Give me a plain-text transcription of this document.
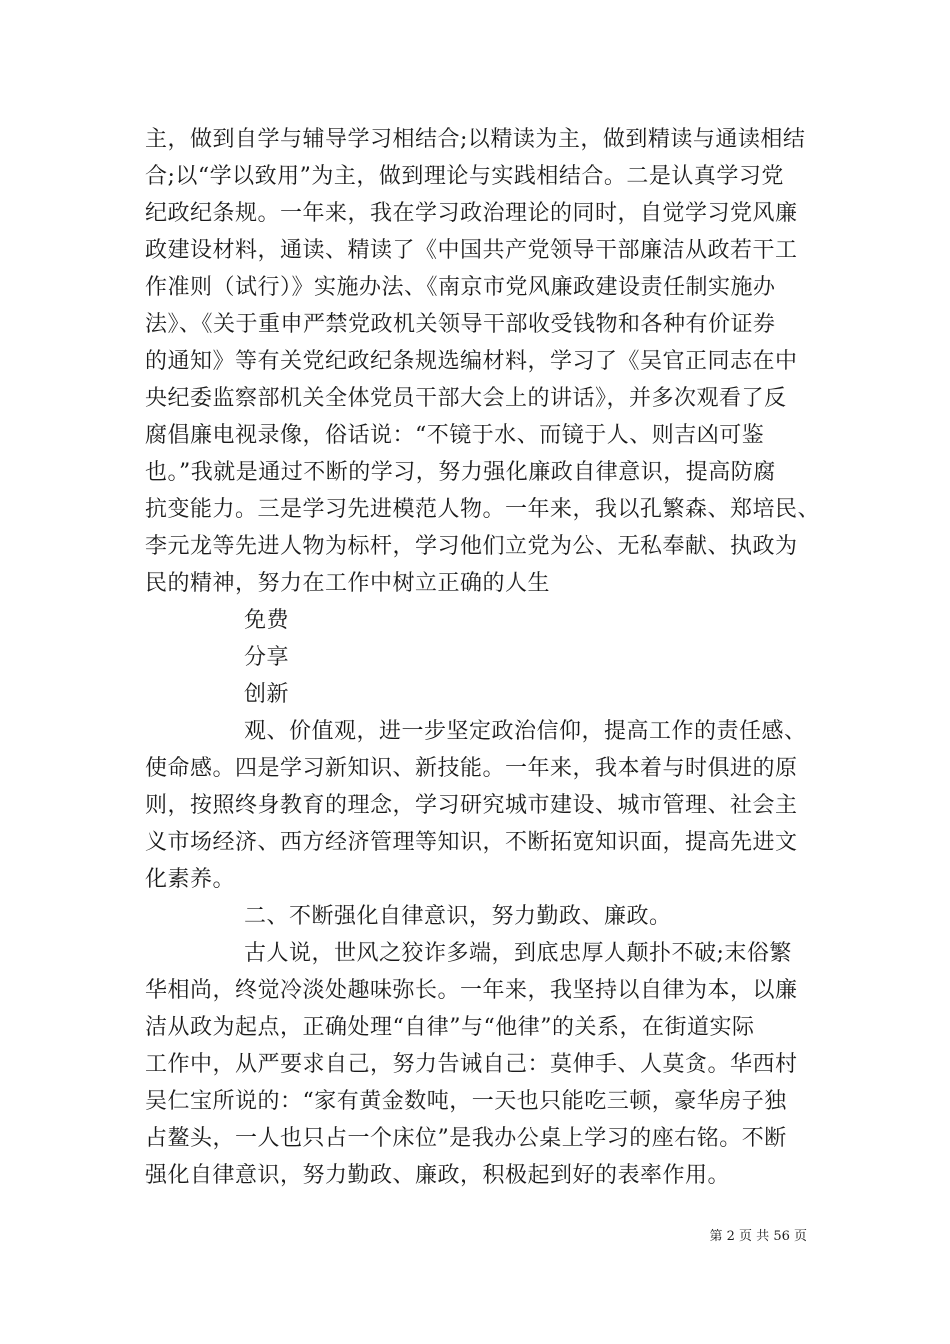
主，做到自学与辅导学习相结合;以精读为主，做到精读与通读相结
合;以“学以致用”为主，做到理论与实践相结合。二是认真学习党
纪政纪条规。一年来，我在学习政治理论的同时，自觉学习党风廉
政建设材料，通读、精读了《中国共产党领导干部廉洁从政若干工
作准则（试行）》实施办法、《南京市党风廉政建设责任制实施办
法》、《关于重申严禁党政机关领导干部收受钱物和各种有价证券
的通知》等有关党纪政纪条规选编材料，学习了《吴官正同志在中
央纪委监察部机关全体党员干部大会上的讲话》，并多次观看了反
腐倡廉电视录像，俗话说：“不镜于水、而镜于人、则吉凶可鉴
也。”我就是通过不断的学习，努力强化廉政自律意识，提高防腐
抗变能力。三是学习先进模范人物。一年来，我以孔繁森、郑培民、
李元龙等先进人物为标杆，学习他们立党为公、无私奉献、执政为
民的精神，努力在工作中树立正确的人生
免费
分享
创新
观、价值观，进一步坚定政治信仰，提高工作的责任感、
使命感。四是学习新知识、新技能。一年来，我本着与时俱进的原
则，按照终身教育的理念，学习研究城市建设、城市管理、社会主
义市场经济、西方经济管理等知识，不断拓宽知识面，提高先进文
化素养。
二、不断强化自律意识，努力勤政、廉政。
古人说，世风之狡诈多端，到底忠厚人颠扑不破;末俗繁
华相尚，终觉冷淡处趣味弥长。一年来，我坚持以自律为本，以廉
洁从政为起点，正确处理“自律”与“他律”的关系，在街道实际
工作中，从严要求自己，努力告诫自己：莫伸手、人莫贪。华西村
吴仁宝所说的：“家有黄金数吨，一天也只能吃三顿，豪华房子独
占鳌头，一人也只占一个床位”是我办公桌上学习的座右铭。不断
强化自律意识，努力勤政、廉政，积极起到好的表率作用。
第 2 页 共 56 页
